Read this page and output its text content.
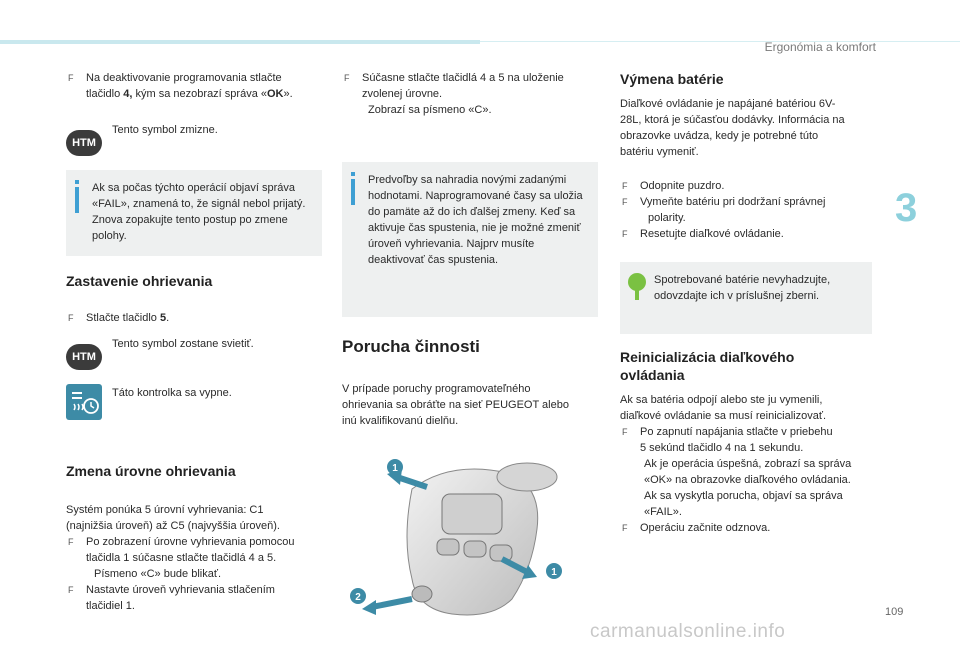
Ergonómia a komfort
3
F Na deaktivovanie programovania stlačte
tlačidlo 4, kým sa nezobrazí správa «OK».
HTM
Tento symbol zmizne.
Ak sa počas týchto operácií objaví správa «FAIL», znamená to, že signál nebol prijatý. Znova zopakujte tento postup po zmene polohy.
Zastavenie ohrievania
F Stlačte tlačidlo 5.
HTM
Tento symbol zostane svietiť.
Táto kontrolka sa vypne.
Zmena úrovne ohrievania

Systém ponúka 5 úrovní vyhrievania: C1

(najnižšia úroveň) až C5 (najvyššia úroveň).

F Po zobrazení úrovne vyhrievania pomocou
tlačidla 1 súčasne stlačte tlačidlá 4 a 5.
Písmeno «C» bude blikať.
F Nastavte úroveň vyhrievania stlačením
tlačidiel 1.
F Súčasne stlačte tlačidlá 4 a 5 na uloženie
zvolenej úrovne.
Zobrazí sa písmeno «C».
Predvoľby sa nahradia novými zadanými hodnotami. Naprogramované časy sa uložia do pamäte až do ich ďalšej zmeny. Keď sa aktivuje čas spustenia, nie je možné zmeniť úroveň vyhrievania. Najprv musíte deaktivovať čas spustenia.
Porucha činnosti

V prípade poruchy programovateľného ohrievania sa obráťte na sieť PEUGEOT alebo inú kvalifikovanú dielňu.

1
1
2
Výmena batérie

Diaľkové ovládanie je napájané batériou 6V-28L, ktorá je súčasťou dodávky. Informácia na obrazovke uvádza, kedy je potrebné túto batériu vymeniť.

F Odopnite puzdro.
F Vymeňte batériu pri dodržaní správnej
polarity.
F Resetujte diaľkové ovládanie.
Spotrebované batérie nevyhadzujte, odovzdajte ich v príslušnej zberni.
Reinicializácia diaľkového ovládania

Ak sa batéria odpojí alebo ste ju vymenili, diaľkové ovládanie sa musí reinicializovať.

F Po zapnutí napájania stlačte v priebehu
5 sekúnd tlačidlo 4 na 1 sekundu.
Ak je operácia úspešná, zobrazí sa správa
«OK» na obrazovke diaľkového ovládania.
Ak sa vyskytla porucha, objaví sa správa
«FAIL».
F Operáciu začnite odznova.
109
carmanualsonline.info
